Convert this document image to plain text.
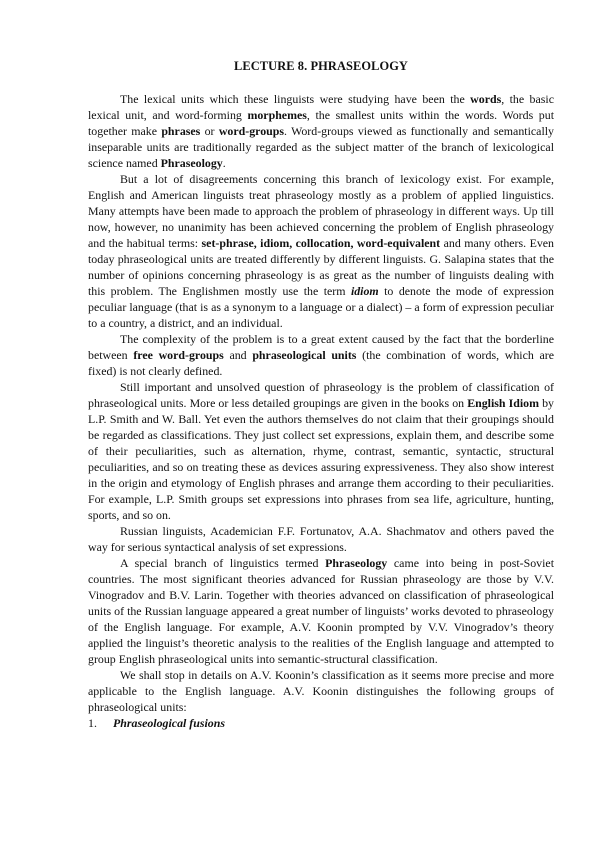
LECTURE 8. PHRASEOLOGY

The lexical units which these linguists were studying have been the words, the basic lexical unit, and word-forming morphemes, the smallest units within the words. Words put together make phrases or word-groups. Word-groups viewed as functionally and semantically inseparable units are traditionally regarded as the subject matter of the branch of lexicological science named Phraseology.

But a lot of disagreements concerning this branch of lexicology exist. For example, English and American linguists treat phraseology mostly as a problem of applied linguistics. Many attempts have been made to approach the problem of phraseology in different ways. Up till now, however, no unanimity has been achieved concerning the problem of English phraseology and the habitual terms: set-phrase, idiom, collocation, word-equivalent and many others. Even today phraseological units are treated differently by different linguists. G. Salapina states that the number of opinions concerning phraseology is as great as the number of linguists dealing with this problem. The Englishmen mostly use the term idiom to denote the mode of expression peculiar language (that is as a synonym to a language or a dialect) – a form of expression peculiar to a country, a district, and an individual.

The complexity of the problem is to a great extent caused by the fact that the borderline between free word-groups and phraseological units (the combination of words, which are fixed) is not clearly defined.

Still important and unsolved question of phraseology is the problem of classification of phraseological units. More or less detailed groupings are given in the books on English Idiom by L.P. Smith and W. Ball. Yet even the authors themselves do not claim that their groupings should be regarded as classifications. They just collect set expressions, explain them, and describe some of their peculiarities, such as alternation, rhyme, contrast, semantic, syntactic, structural peculiarities, and so on treating these as devices assuring expressiveness. They also show interest in the origin and etymology of English phrases and arrange them according to their peculiarities. For example, L.P. Smith groups set expressions into phrases from sea life, agriculture, hunting, sports, and so on.

Russian linguists, Academician F.F. Fortunatov, A.A. Shachmatov and others paved the way for serious syntactical analysis of set expressions.

A special branch of linguistics termed Phraseology came into being in post-Soviet countries. The most significant theories advanced for Russian phraseology are those by V.V. Vinogradov and B.V. Larin. Together with theories advanced on classification of phraseological units of the Russian language appeared a great number of linguists’ works devoted to phraseology of the English language. For example, A.V. Koonin prompted by V.V. Vinogradov’s theory applied the linguist’s theoretic analysis to the realities of the English language and attempted to group English phraseological units into semantic-structural classification.

We shall stop in details on A.V. Koonin’s classification as it seems more precise and more applicable to the English language. A.V. Koonin distinguishes the following groups of phraseological units:

1. Phraseological fusions
